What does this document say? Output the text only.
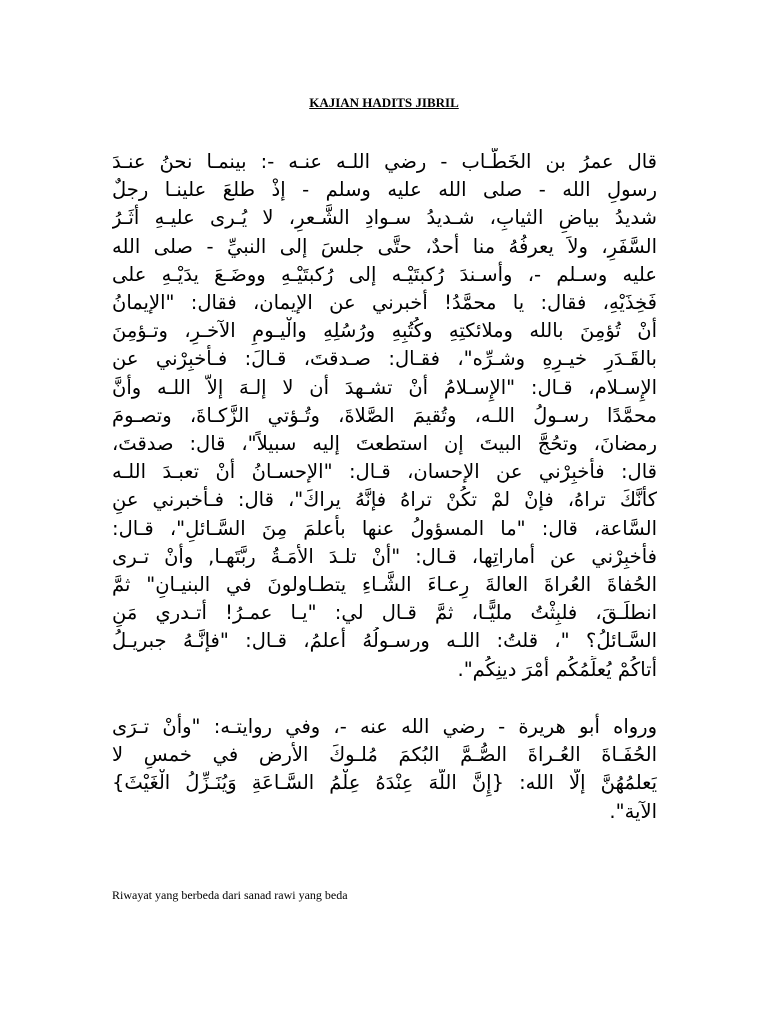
KAJIAN HADITS JIBRIL
قال عمرُ بن الخَطَّـاب - رضي اللـه عنـه -: بينمـا نحنُ عنـدَ
رسولِ الله - صلى الله عليه وسلم - إذْ طلعَ علينـا رجلٌ
شديدُ بياضِ الثيابِ، شـديدُ سـوادِ الشَّـعرِ، لا يُـرى عليـهِ أثَـرُ
السَّفَرِ، ولاَ يعرفُهُ منا أحدٌ، حتَّى جلسَ إلى النبيِّ - صلى الله
عليه وسـلم -، وأسـندَ رُكبتَيْـه إلى رُكبتَيْـهِ ووضَـعَ يدَيْـهِ على
فَخِذَيْهِ، فقال: يا محمَّدُ! أخبرني عن الإيمان، فقال: "الإيمانُ
أنْ تُؤمِنَ بالله وملائكتِهِ وكُتُبِهِ ورُسُلِهِ والْيـومِ الآخـرِ، وتـؤمِنَ
بالقَـدَرِ خيـرِهِ وشـرِّه"، فقـال: صـدقتَ، قـالَ: فـأخبِرْني عن
الإِسـلام، قـال: "الإِسـلامُ أنْ تشـهدَ أن لا إلـهَ إلاَّ اللـه وأنَّ
محمَّدًا رسـولُ اللـه، وتُقيمَ الصَّلاةَ، وتُـؤتي الزَّكـاةَ، وتصـومَ
رمضانَ، وتحُجَّ البيتَ إن استطعتَ إليه سبيلاً"، قال: صدقتَ،
قال: فأخبِرْني عن الإحسان، قـال: "الإحسـانُ أنْ تعبـدَ اللـه
كأنَّكَ تراهُ، فإنْ لمْ تكُنْ تراهُ فإنَّهُ يراكَ"، قال: فـأخبرني عنِ
السَّاعة، قال: "ما المسؤولُ عنها بأعلمَ مِنَ السَّـائلِ"، قـال:
فأخبِرْني عن أَماراتِها، قـال: "أنْ تلـدَ الأمَـةُ ربَّتَهـا, وأنْ تـرى
الحُفاةَ العُراةَ العالةَ رِعـاءَ الشَّـاءِ يتطـاولونَ في البنيـانِ" ثمَّ
انطلَـقَ، فلبِثْتُ مليًّـا، ثمَّ قـال لي: "يـا عمـرُ! أتـدري مَنِ
السَّـائلُ؟ "، قلتُ: اللـه ورسـولُهُ أعلمُ، قـال: "فإنَّـهُ جبريـلُ
أتاكُمْ يُعلِّمُكُم أَمْرَ دينِكُم".
ورواه أبو هريرة - رضي الله عنه -، وفي روايتـه: "وأنْ تـرَى
الحُفَـاةَ العُـراةَ الصُّـمَّ البُكمَ مُلـوكَ الأرض في خمسٍ لا
يَعلمُهُنَّ إلَّا الله: {إِنَّ اللَّهَ عِنْدَهُ عِلْمُ السَّـاعَةِ وَيُنَـزِّلُ الْغَيْثَ}
الآية".

Riwayat yang berbeda dari sanad rawi yang beda
